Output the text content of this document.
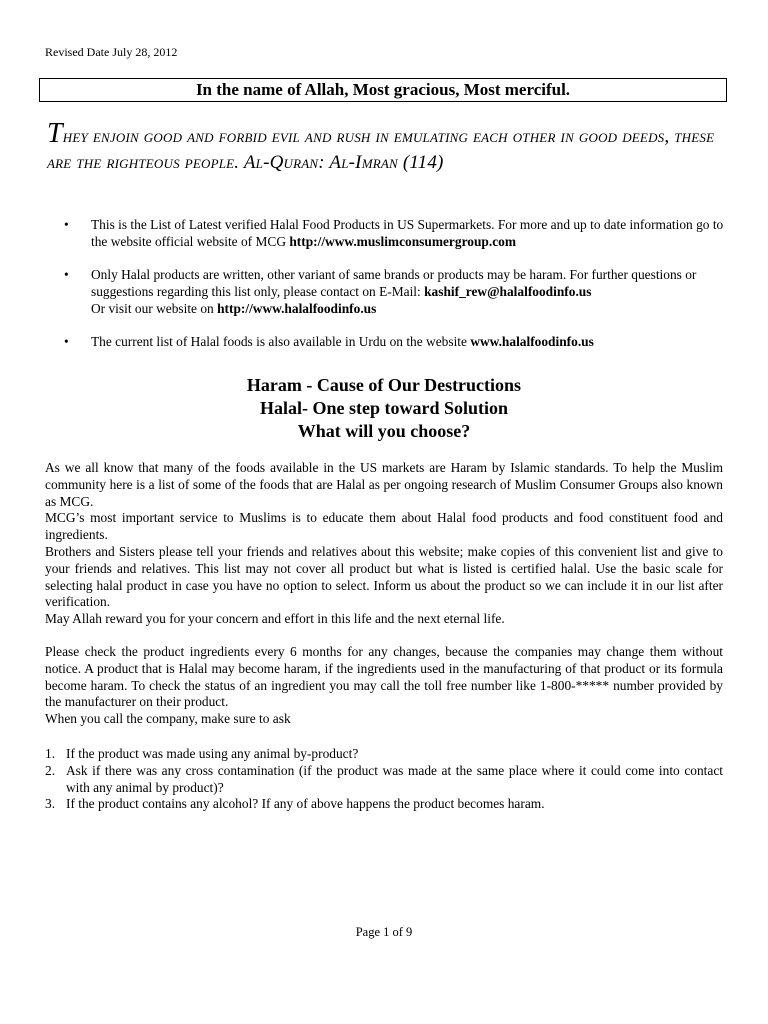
Revised Date July 28, 2012
In the name of Allah, Most gracious, Most merciful.
They enjoin good and forbid evil and rush in emulating each other in good deeds, these are the righteous people. Al-Quran: Al-Imran (114)
• This is the List of Latest verified Halal Food Products in US Supermarkets. For more and up to date information go to the website official website of MCG http://www.muslimconsumergroup.com
• Only Halal products are written, other variant of same brands or products may be haram. For further questions or suggestions regarding this list only, please contact on E-Mail: kashif_rew@halalfoodinfo.us
Or visit our website on http://www.halalfoodinfo.us
• The current list of Halal foods is also available in Urdu on the website www.halalfoodinfo.us
Haram - Cause of Our Destructions
Halal- One step toward Solution
What will you choose?

As we all know that many of the foods available in the US markets are Haram by Islamic standards. To help the Muslim community here is a list of some of the foods that are Halal as per ongoing research of Muslim Consumer Groups also known as MCG.

MCG’s most important service to Muslims is to educate them about Halal food products and food constituent food and ingredients.

Brothers and Sisters please tell your friends and relatives about this website; make copies of this convenient list and give to your friends and relatives. This list may not cover all product but what is listed is certified halal. Use the basic scale for selecting halal product in case you have no option to select. Inform us about the product so we can include it in our list after verification.

May Allah reward you for your concern and effort in this life and the next eternal life.

Please check the product ingredients every 6 months for any changes, because the companies may change them without notice. A product that is Halal may become haram, if the ingredients used in the manufacturing of that product or its formula become haram. To check the status of an ingredient you may call the toll free number like 1-800-***** number provided by the manufacturer on their product.

When you call the company, make sure to ask

1. If the product was made using any animal by-product?
2. Ask if there was any cross contamination (if the product was made at the same place where it could come into contact with any animal by product)?
3. If the product contains any alcohol? If any of above happens the product becomes haram.
Page 1 of 9
